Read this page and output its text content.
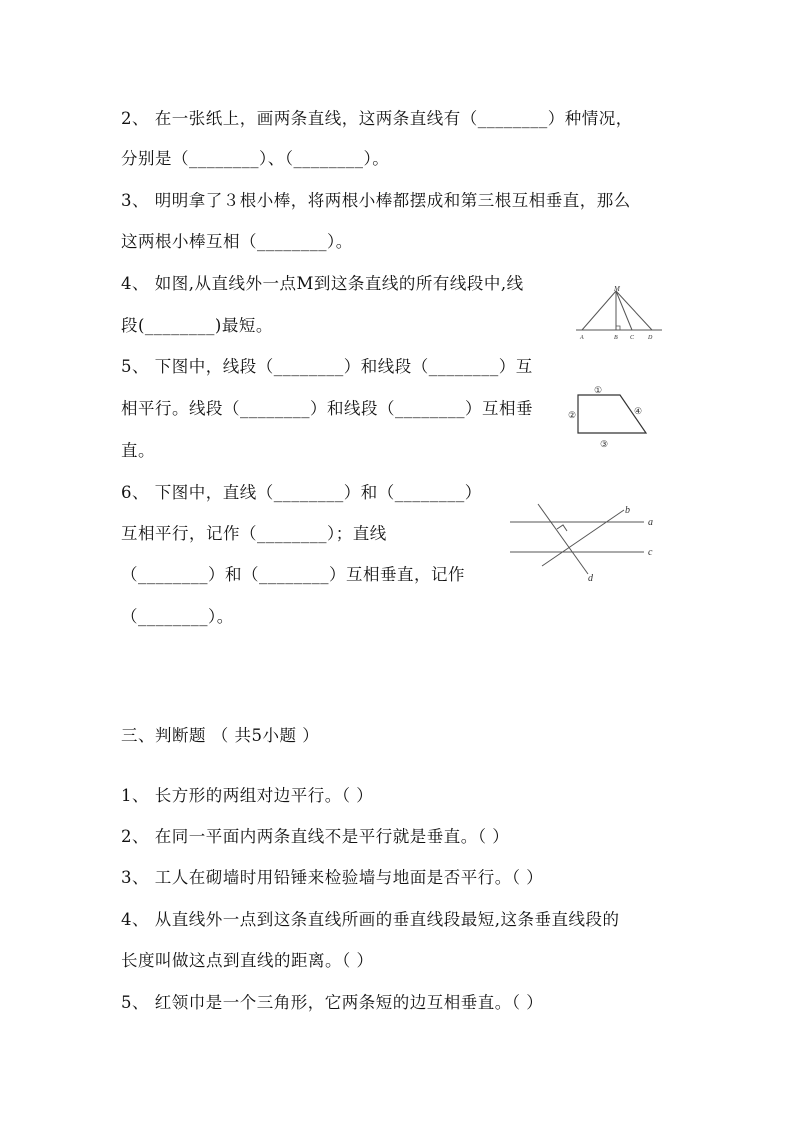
2、 在一张纸上，画两条直线，这两条直线有（________）种情况，
分别是（________）、（________）。
3、 明明拿了３根小棒，将两根小棒都摆成和第三根互相垂直，那么
这两根小棒互相（________）。
4、 如图,从直线外一点M到这条直线的所有线段中,线
段(________)最短。
M
A	B C D
5、 下图中，线段（________）和线段（________）互
相平行。线段（________）和线段（________）互相垂
直。
①
②
③
④
6、 下图中，直线（________）和（________）
互相平行，记作（________）；直线
（________）和（________）互相垂直，记作
（________）。
a
b
c
d
三、判断题 （ 共5小题 ）
1、 长方形的两组对边平行。（ ）
2、 在同一平面内两条直线不是平行就是垂直。（ ）
3、 工人在砌墙时用铅锤来检验墙与地面是否平行。（ ）
4、 从直线外一点到这条直线所画的垂直线段最短,这条垂直线段的
长度叫做这点到直线的距离。（ ）
5、 红领巾是一个三角形，它两条短的边互相垂直。（ ）
